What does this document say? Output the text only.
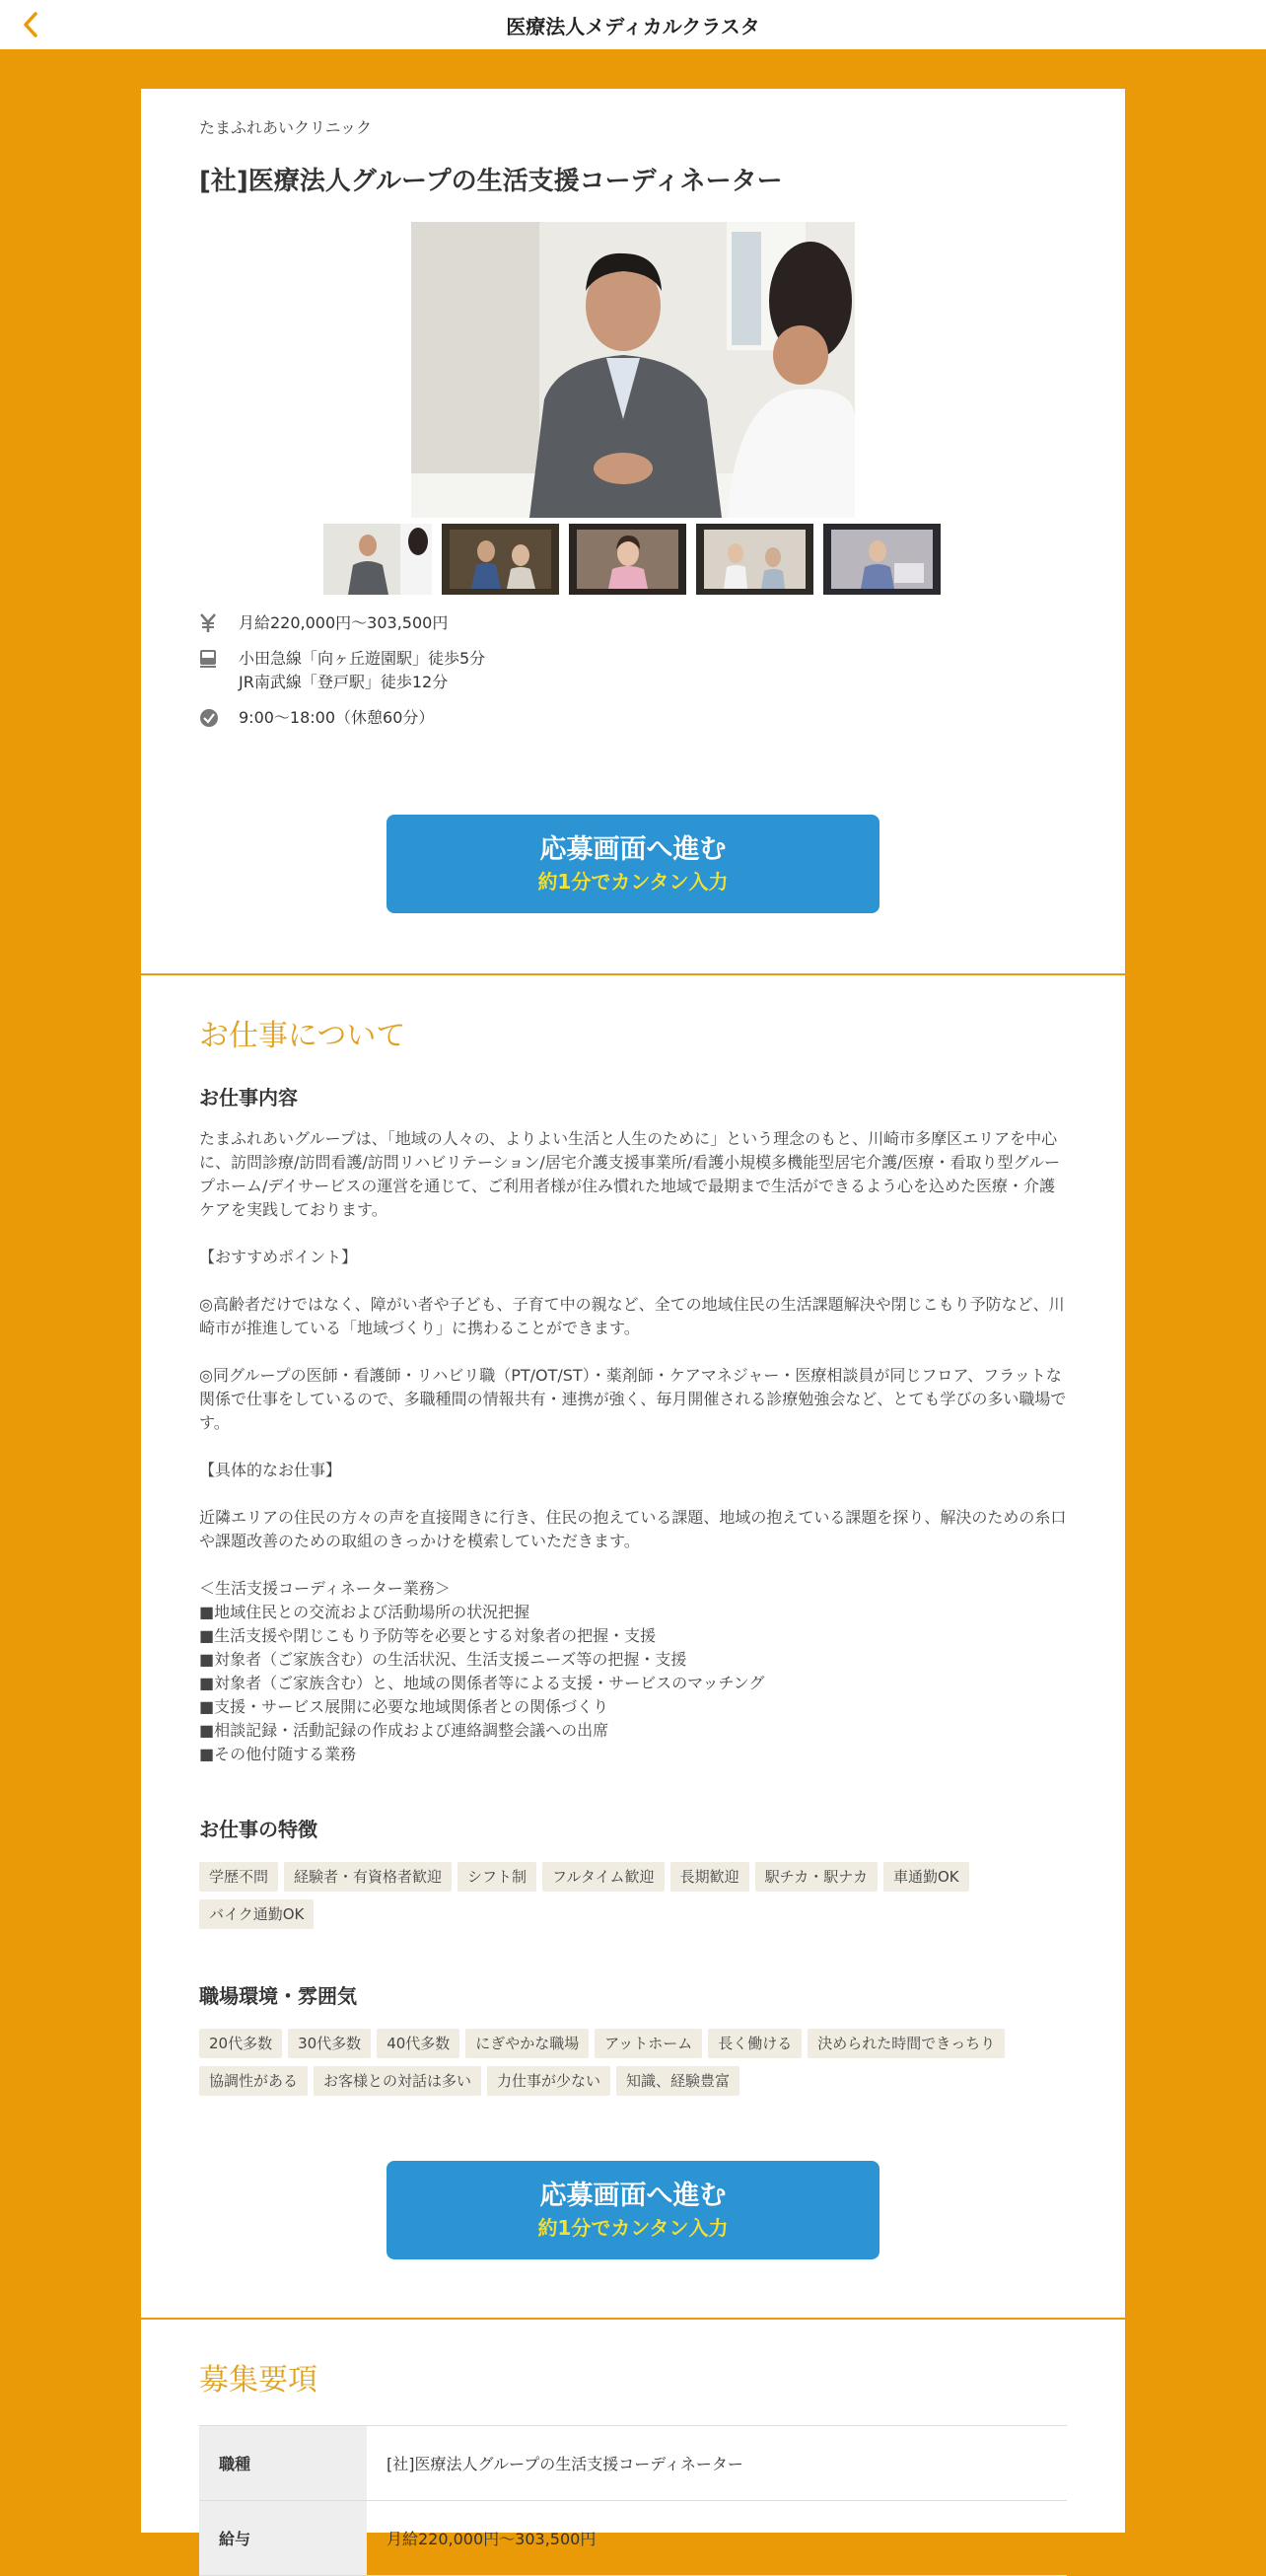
医療法人メディカルクラスタ
たまふれあいクリニック
[社]医療法人グループの生活支援コーディネーター
月給220,000円〜303,500円
小田急線「向ヶ丘遊園駅」徒歩5分
JR南武線「登戸駅」徒歩12分
9:00～18:00（休憩60分）
応募画面へ進む
約1分でカンタン入力
お仕事について
お仕事内容
たまふれあいグループは、「地域の人々の、よりよい生活と人生のために」という理念のもと、川崎市多摩区エリアを中心に、訪問診療/訪問看護/訪問リハビリテーション/居宅介護支援事業所/看護小規模多機能型居宅介護/医療・看取り型グループホーム/デイサービスの運営を通じて、ご利用者様が住み慣れた地域で最期まで生活ができるよう心を込めた医療・介護ケアを実践しております。

【おすすめポイント】

◎高齢者だけではなく、障がい者や子ども、子育て中の親など、全ての地域住民の生活課題解決や閉じこもり予防など、川崎市が推進している「地域づくり」に携わることができます。

◎同グループの医師・看護師・リハビリ職（PT/OT/ST）・薬剤師・ケアマネジャー・医療相談員が同じフロア、フラットな関係で仕事をしているので、多職種間の情報共有・連携が強く、毎月開催される診療勉強会など、とても学びの多い職場です。

【具体的なお仕事】

近隣エリアの住民の方々の声を直接聞きに行き、住民の抱えている課題、地域の抱えている課題を探り、解決のための糸口や課題改善のための取組のきっかけを模索していただきます。

＜生活支援コーディネーター業務＞
■地域住民との交流および活動場所の状況把握
■生活支援や閉じこもり予防等を必要とする対象者の把握・支援
■対象者（ご家族含む）の生活状況、生活支援ニーズ等の把握・支援
■対象者（ご家族含む）と、地域の関係者等による支援・サービスのマッチング
■支援・サービス展開に必要な地域関係者との関係づくり
■相談記録・活動記録の作成および連絡調整会議への出席
■その他付随する業務
お仕事の特徴
学歴不問	経験者・有資格者歓迎	シフト制	フルタイム歓迎	長期歓迎	駅チカ・駅ナカ	車通勤OK
バイク通勤OK
職場環境・雰囲気
20代多数	30代多数	40代多数	にぎやかな職場	アットホーム	長く働ける	決められた時間できっちり
協調性がある	お客様との対話は多い	力仕事が少ない	知識、経験豊富
応募画面へ進む
約1分でカンタン入力
募集要項
職種	[社]医療法人グループの生活支援コーディネーター
給与	月給220,000円〜303,500円
